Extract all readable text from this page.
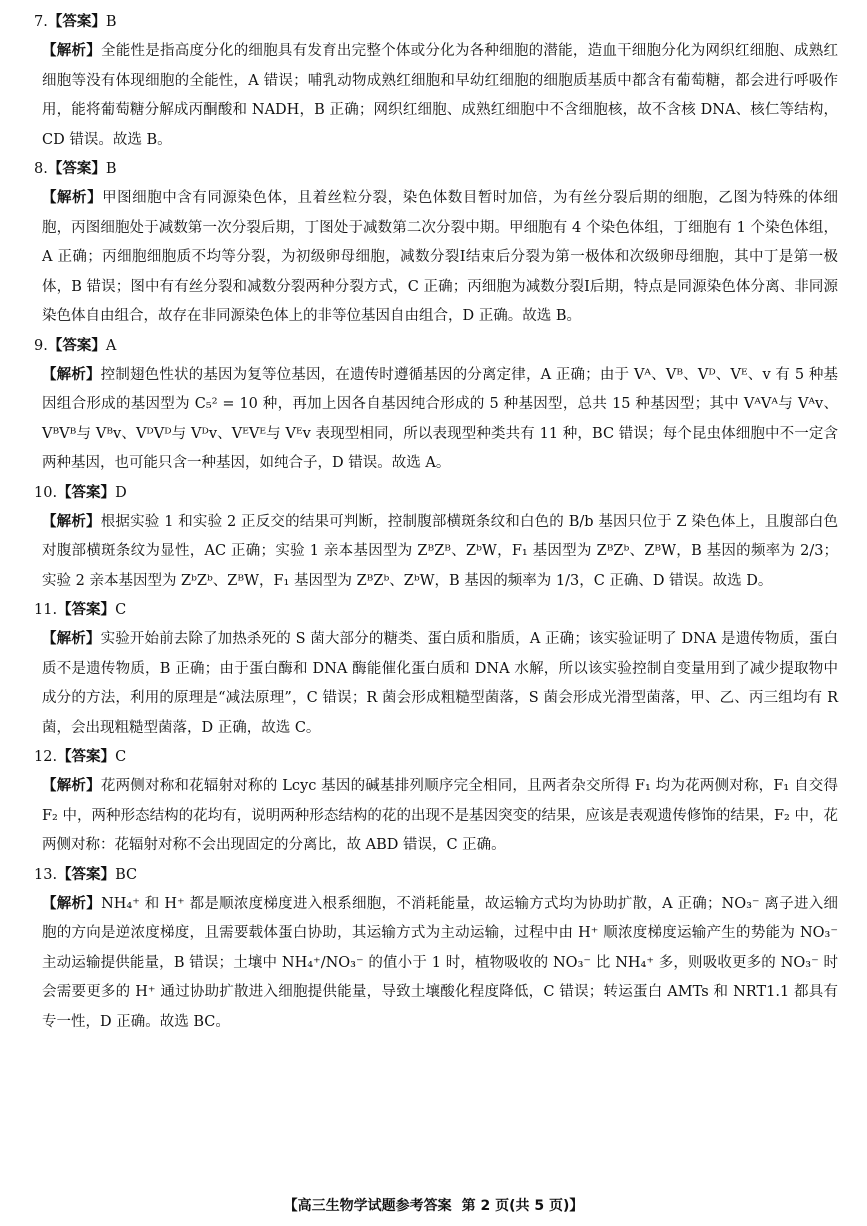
7.【答案】B

【解析】全能性是指高度分化的细胞具有发育出完整个体或分化为各种细胞的潜能，造血干细胞分化为网织红细胞、成熟红细胞等没有体现细胞的全能性，A 错误；哺乳动物成熟红细胞和早幼红细胞的细胞质基质中都含有葡萄糖，都会进行呼吸作用，能将葡萄糖分解成丙酮酸和 NADH，B 正确；网织红细胞、成熟红细胞中不含细胞核，故不含核 DNA、核仁等结构，CD 错误。故选 B。

8.【答案】B

【解析】甲图细胞中含有同源染色体，且着丝粒分裂，染色体数目暂时加倍，为有丝分裂后期的细胞，乙图为特殊的体细胞，丙图细胞处于减数第一次分裂后期，丁图处于减数第二次分裂中期。甲细胞有 4 个染色体组，丁细胞有 1 个染色体组，A 正确；丙细胞细胞质不均等分裂，为初级卵母细胞，减数分裂Ⅰ结束后分裂为第一极体和次级卵母细胞，其中丁是第一极体，B 错误；图中有有丝分裂和减数分裂两种分裂方式，C 正确；丙细胞为减数分裂Ⅰ后期，特点是同源染色体分离、非同源染色体自由组合，故存在非同源染色体上的非等位基因自由组合，D 正确。故选 B。

9.【答案】A

【解析】控制翅色性状的基因为复等位基因，在遗传时遵循基因的分离定律，A 正确；由于 Vᴬ、Vᴮ、Vᴰ、Vᴱ、v 有 5 种基因组合形成的基因型为 C₅² = 10 种，再加上因各自基因纯合形成的 5 种基因型，总共 15 种基因型；其中 VᴬVᴬ与 Vᴬv、VᴮVᴮ与 Vᴮv、VᴰVᴰ与 Vᴰv、VᴱVᴱ与 Vᴱv 表现型相同，所以表现型种类共有 11 种，BC 错误；每个昆虫体细胞中不一定含两种基因，也可能只含一种基因，如纯合子，D 错误。故选 A。

10.【答案】D

【解析】根据实验 1 和实验 2 正反交的结果可判断，控制腹部横斑条纹和白色的 B/b 基因只位于 Z 染色体上，且腹部白色对腹部横斑条纹为显性，AC 正确；实验 1 亲本基因型为 ZᴮZᴮ、ZᵇW，F₁ 基因型为 ZᴮZᵇ、ZᴮW，B 基因的频率为 2/3；实验 2 亲本基因型为 ZᵇZᵇ、ZᴮW，F₁ 基因型为 ZᴮZᵇ、ZᵇW，B 基因的频率为 1/3，C 正确、D 错误。故选 D。

11.【答案】C

【解析】实验开始前去除了加热杀死的 S 菌大部分的糖类、蛋白质和脂质，A 正确；该实验证明了 DNA 是遗传物质，蛋白质不是遗传物质，B 正确；由于蛋白酶和 DNA 酶能催化蛋白质和 DNA 水解，所以该实验控制自变量用到了减少提取物中成分的方法，利用的原理是“减法原理”，C 错误；R 菌会形成粗糙型菌落，S 菌会形成光滑型菌落，甲、乙、丙三组均有 R 菌，会出现粗糙型菌落，D 正确，故选 C。

12.【答案】C

【解析】花两侧对称和花辐射对称的 Lcyc 基因的碱基排列顺序完全相同，且两者杂交所得 F₁ 均为花两侧对称，F₁ 自交得 F₂ 中，两种形态结构的花均有，说明两种形态结构的花的出现不是基因突变的结果，应该是表观遗传修饰的结果，F₂ 中，花两侧对称：花辐射对称不会出现固定的分离比，故 ABD 错误，C 正确。

13.【答案】BC

【解析】NH₄⁺ 和 H⁺ 都是顺浓度梯度进入根系细胞，不消耗能量，故运输方式均为协助扩散，A 正确；NO₃⁻ 离子进入细胞的方向是逆浓度梯度，且需要载体蛋白协助，其运输方式为主动运输，过程中由 H⁺ 顺浓度梯度运输产生的势能为 NO₃⁻ 主动运输提供能量，B 错误；土壤中 NH₄⁺/NO₃⁻ 的值小于 1 时，植物吸收的 NO₃⁻ 比 NH₄⁺ 多，则吸收更多的 NO₃⁻ 时会需要更多的 H⁺ 通过协助扩散进入细胞提供能量，导致土壤酸化程度降低，C 错误；转运蛋白 AMTs 和 NRT1.1 都具有专一性，D 正确。故选 BC。

【高三生物学试题参考答案 第 2 页(共 5 页)】
